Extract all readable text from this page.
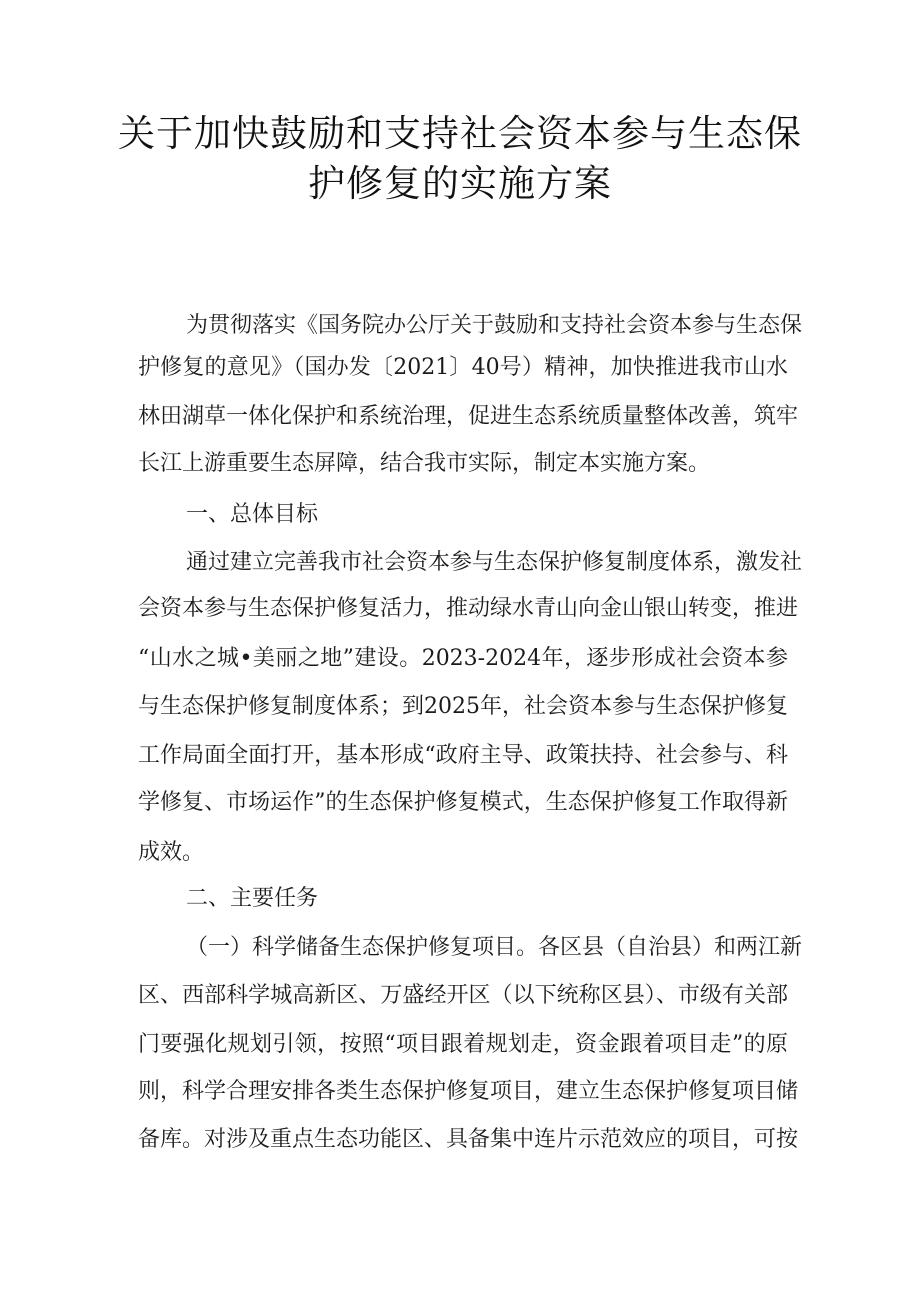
关于加快鼓励和支持社会资本参与生态保
护修复的实施方案
为贯彻落实《国务院办公厅关于鼓励和支持社会资本参与生态保
护修复的意见》（国办发〔2021〕40号）精神，加快推进我市山水
林田湖草一体化保护和系统治理，促进生态系统质量整体改善，筑牢
长江上游重要生态屏障，结合我市实际，制定本实施方案。
一、总体目标
通过建立完善我市社会资本参与生态保护修复制度体系，激发社
会资本参与生态保护修复活力，推动绿水青山向金山银山转变，推进
“山水之城•美丽之地”建设。2023-2024年，逐步形成社会资本参
与生态保护修复制度体系；到2025年，社会资本参与生态保护修复
工作局面全面打开，基本形成“政府主导、政策扶持、社会参与、科
学修复、市场运作”的生态保护修复模式，生态保护修复工作取得新
成效。
二、主要任务
（一）科学储备生态保护修复项目。各区县（自治县）和两江新
区、西部科学城高新区、万盛经开区（以下统称区县）、市级有关部
门要强化规划引领，按照“项目跟着规划走，资金跟着项目走”的原
则，科学合理安排各类生态保护修复项目，建立生态保护修复项目储
备库。对涉及重点生态功能区、具备集中连片示范效应的项目，可按
